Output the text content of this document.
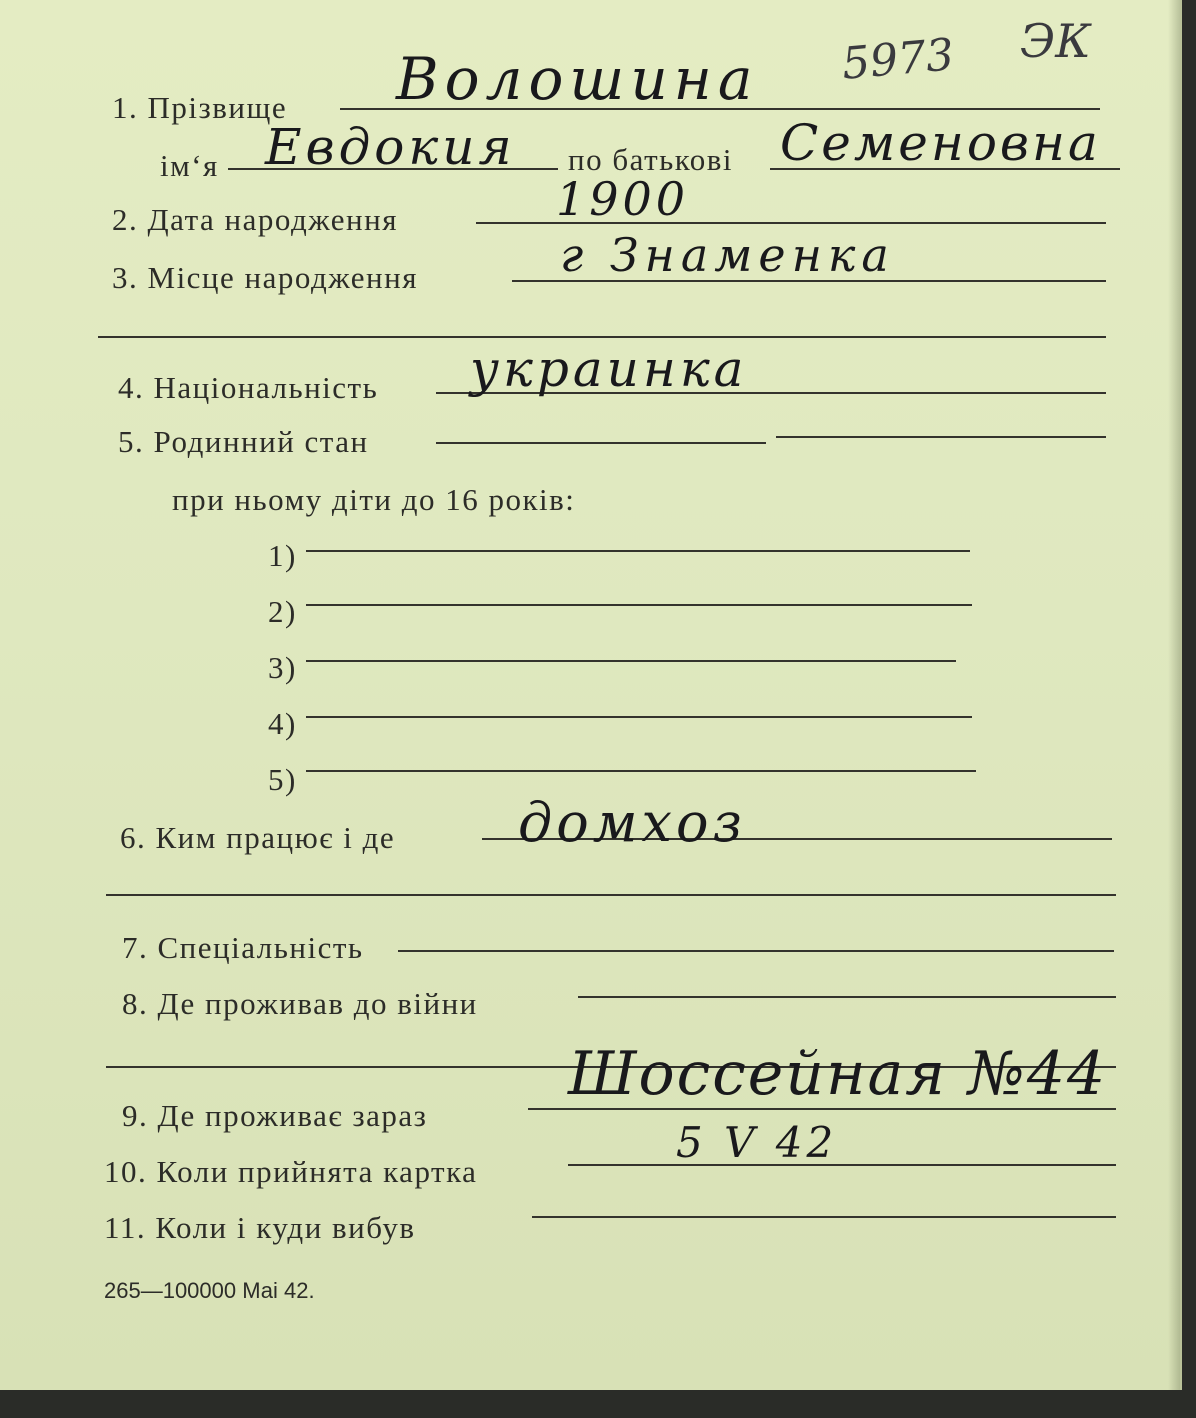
5973 ЭК
1. Прізвище Волошина
ім‘я Евдокия по батькові Семеновна
2. Дата народження	1900
3. Місце народження	г Знаменка
4. Національність украинка
5. Родинний стан
при ньому діти до 16 років:
1)
2)
3)
4)
5)
6. Ким працює і де домхоз
7. Спеціальність
8. Де проживав до війни
9. Де проживає зараз
Шоссейная №44
10. Коли прийнята картка
5 V 42
11. Коли і куди вибув
265—100000 Маі 42.
